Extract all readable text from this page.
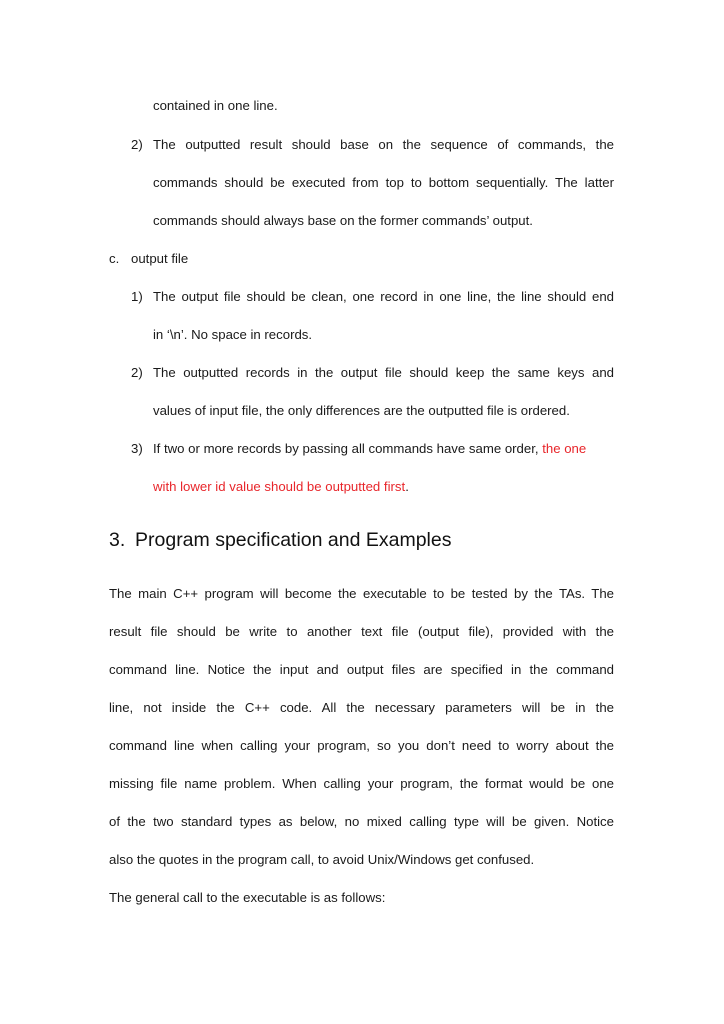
contained in one line.
2) The outputted result should base on the sequence of commands, the
commands should be executed from top to bottom sequentially. The latter
commands should always base on the former commands’ output.
c. output file
1) The output file should be clean, one record in one line, the line should end
in ‘\n’. No space in records.
2) The outputted records in the output file should keep the same keys and
values of input file, the only differences are the outputted file is ordered.
3) If two or more records by passing all commands have same order, the one
with lower id value should be outputted first.
3. Program specification and Examples
The main C++ program will become the executable to be tested by the TAs. The
result file should be write to another text file (output file), provided with the
command line. Notice the input and output files are specified in the command
line, not inside the C++ code. All the necessary parameters will be in the
command line when calling your program, so you don’t need to worry about the
missing file name problem. When calling your program, the format would be one
of the two standard types as below, no mixed calling type will be given. Notice
also the quotes in the program call, to avoid Unix/Windows get confused.
The general call to the executable is as follows:
